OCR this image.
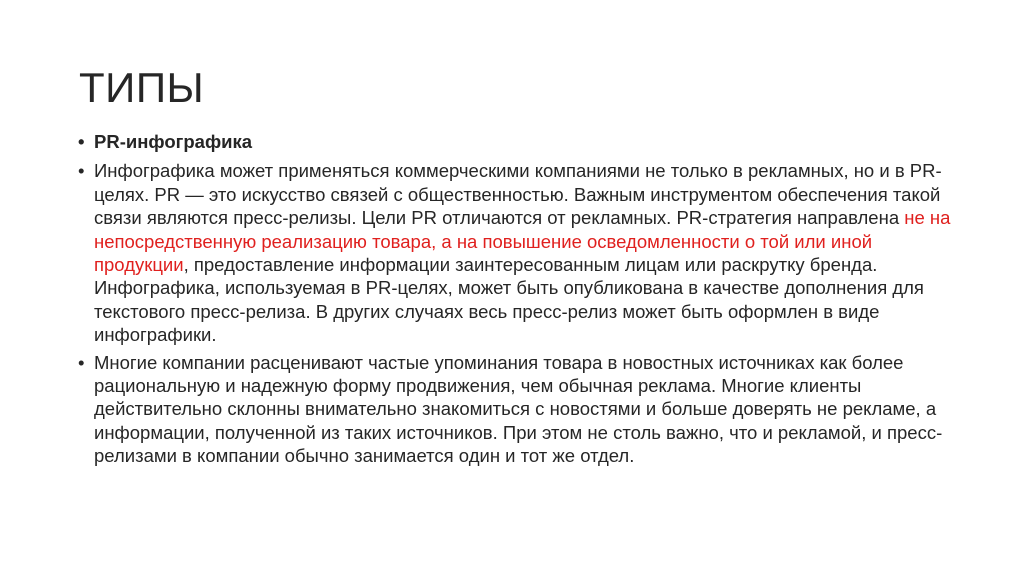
ТИПЫ
• PR-инфографика
• Инфографика может применяться коммерческими компаниями не только в рекламных, но и в PR-целях. PR — это искусство связей с общественностью. Важным инструментом обеспечения такой связи являются пресс-релизы. Цели PR отличаются от рекламных. PR-стратегия направлена не на непосредственную реализацию товара, а на повышение осведомленности о той или иной продукции, предоставление информации заинтересованным лицам или раскрутку бренда. Инфографика, используемая в PR-целях, может быть опубликована в качестве дополнения для текстового пресс-релиза. В других случаях весь пресс-релиз может быть оформлен в виде инфографики.
• Многие компании расценивают частые упоминания товара в новостных источниках как более рациональную и надежную форму продвижения, чем обычная реклама. Многие клиенты действительно склонны внимательно знакомиться с новостями и больше доверять не рекламе, а информации, полученной из таких источников. При этом не столь важно, что и рекламой, и пресс-релизами в компании обычно занимается один и тот же отдел.
